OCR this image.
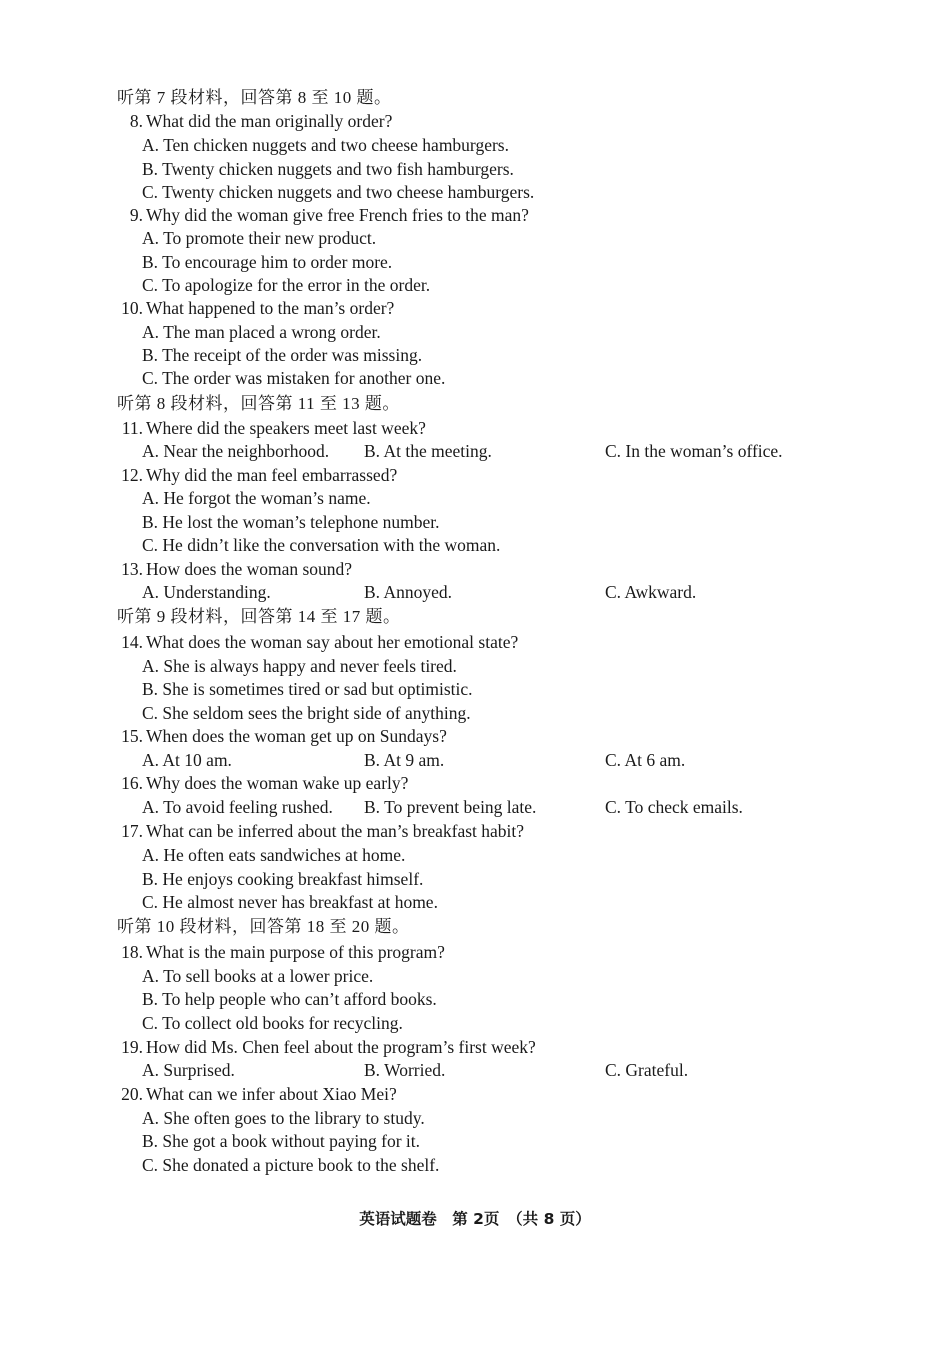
听第 7 段材料，回答第 8 至 10 题。
8. What did the man originally order?
A. Ten chicken nuggets and two cheese hamburgers.
B. Twenty chicken nuggets and two fish hamburgers.
C. Twenty chicken nuggets and two cheese hamburgers.
9. Why did the woman give free French fries to the man?
A. To promote their new product.
B. To encourage him to order more.
C. To apologize for the error in the order.
10. What happened to the man’s order?
A. The man placed a wrong order.
B. The receipt of the order was missing.
C. The order was mistaken for another one.
听第 8 段材料，回答第 11 至 13 题。
11. Where did the speakers meet last week?
A. Near the neighborhood. B. At the meeting.	C. In the woman’s office.
12. Why did the man feel embarrassed?
A. He forgot the woman’s name.
B. He lost the woman’s telephone number.
C. He didn’t like the conversation with the woman.
13. How does the woman sound?
A. Understanding.	B. Annoyed.	C. Awkward.
听第 9 段材料，回答第 14 至 17 题。
14. What does the woman say about her emotional state?
A. She is always happy and never feels tired.
B. She is sometimes tired or sad but optimistic.
C. She seldom sees the bright side of anything.
15. When does the woman get up on Sundays?
A. At 10 am.	B. At 9 am.	C. At 6 am.
16. Why does the woman wake up early?
A. To avoid feeling rushed. B. To prevent being late.	C. To check emails.
17. What can be inferred about the man’s breakfast habit?
A. He often eats sandwiches at home.
B. He enjoys cooking breakfast himself.
C. He almost never has breakfast at home.
听第 10 段材料，回答第 18 至 20 题。
18. What is the main purpose of this program?
A. To sell books at a lower price.
B. To help people who can’t afford books.
C. To collect old books for recycling.
19. How did Ms. Chen feel about the program’s first week?
A. Surprised.	B. Worried.	C. Grateful.
20. What can we infer about Xiao Mei?
A. She often goes to the library to study.
B. She got a book without paying for it.
C. She donated a picture book to the shelf.
英语试题卷　第 2页　（共 8 页）
